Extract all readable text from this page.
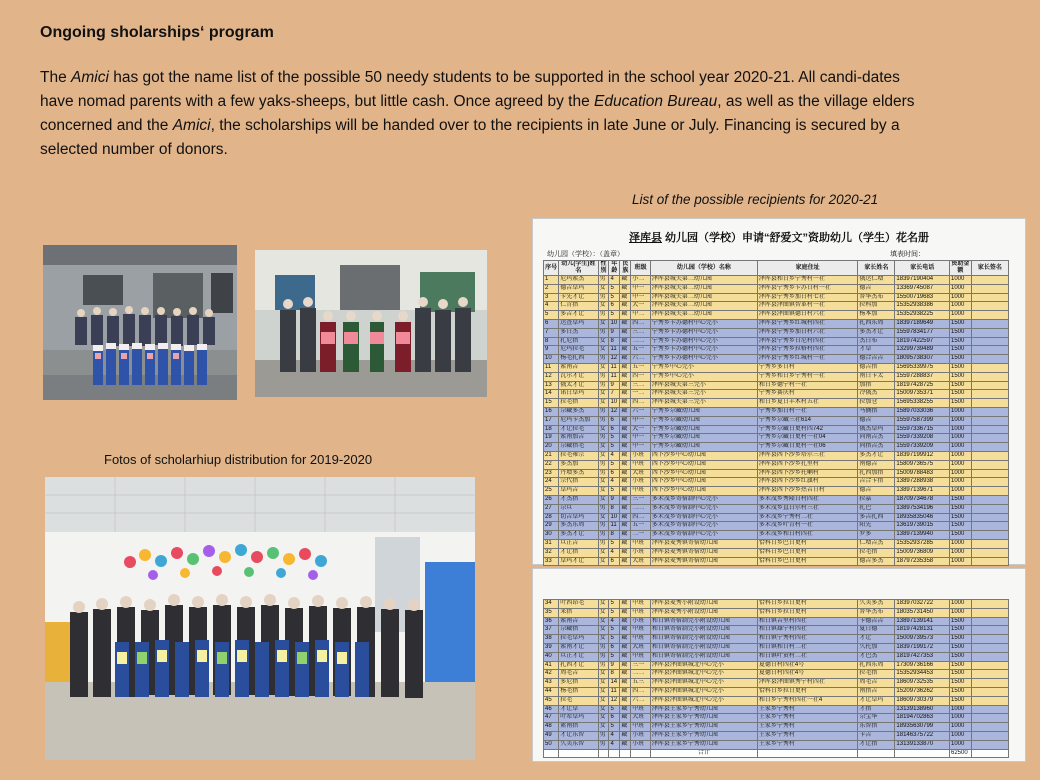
Ongoing sholarships‘ program

The Amici has got the name list of the possible 50 needy students to be supported in the school year 2020-21. All candi-dates have nomad parents with a few yaks-sheeps, but little cash. Once agreed by the Education Bureau, as well as the village elders concerned and the Amici, the scholarships will be handed over to the recipients in late June or July. Financing is secured by a selected number of donors.

List of the possible recipients for 2020-21
Fotos of scholarhiup distribution for 2019-2020
泽库县 幼儿园（学校）申请“舒爱文”资助幼儿（学生）花名册
幼儿园（学校）：（盖章）	填表时间：
序号	幼儿(学生)姓名	性别	年龄	民族	班级	幼儿园（学校）名称	家庭住址	家长姓名	家长电话	资助金额	家长签名
1	尼玛索杰	男	4	藏	小二	泽库县城关第二幼儿园	泽库县和日乡宁秀村一社	俄达仁增	18397190404	1000	
2	德吉卓玛	女	5	藏	中一	泽库县城关第二幼儿园	泽库县宁秀乡卡苏日村一社	德吉	13369745087	1000	
3	卡先才让	男	5	藏	中一	泽库县城关第二幼儿园	泽库县宁秀乡加日村七社	普华杰布	15500719683	1000	
4	仁青措	女	6	藏	大一	泽库县城关第二幼儿园	泽库县泽曲镇智革村一社	拉科加	15352938386	1000	
5	多吉才让	男	5	藏	中二	泽库县城关第二幼儿园	泽库县泽曲镇德日村六社	杨本加	15352938225	1000	
6	达查卓玛	女	10	藏	四二	宁秀乡卡苏德村中心完小	泽库县宁秀乡红城村四社	扎西东周	18397189649	1500	
7	多日杰	男	9	藏	三二	宁秀乡卡苏德村中心完小	泽库县宁秀乡加日村六社	多杰才让	15597834177	1500	
8	扎尼措	女	8	藏	二二	宁秀乡卡苏德村中心完小	泽库县宁秀乡日尼村四社	杰日布	18197422597	1500	
9	尼玛拉毛	女	11	藏	五一	宁秀乡卡苏德村中心完小	泽库县宁秀乡拉格村四社	才卓	13299739489	1500	
10	杨毛扎西	男	12	藏	六二	宁秀乡卡苏德村中心完小	泽库县宁秀乡红城村一社	德合吉吉	18095738307	1500	
11	索南吉	女	11	藏	五一	宁秀乡中心完小	宁秀乡多日村	德吉措	15695339975	1500	
12	瓦尔才让	男	11	藏	四一	宁秀乡中心完小	宁秀乡和日乡宁秀村一社	南日卡太	15597288837	1500	
13	俄太才让	男	9	藏	三二	泽库县城关第三完小	和日乡德宁村一社	加措	18197428725	1500	
14	诺日卓玛	女	7	藏	一二	泽库县城关第三完小	宁秀乡赛庆村	冷俄杰	15009735371	1500	
15	拉毛措	女	10	藏	四二	泽库县城关第三完小	和日乡夏日丰木村五社	拉加仓	15695338255	1500	
16	尕藏多杰	男	12	藏	六一	宁秀乡尕藏幼儿园	宁秀乡加日村一社	马摘措	15897033036	1000	
17	尼玛卡杰加	男	6	藏	中一	宁秀乡尕藏幼儿园	宁秀乡尕藏三社614	德吉	15597587399	1000	
18	才让拉毛	女	6	藏	大一	宁秀乡尕藏幼儿园	宁秀乡尕藏日更村四742	俄杰卓玛	15597336715	1000	
19	索南加吉	男	5	藏	中一	宁秀乡尕藏幼儿园	宁秀乡尕藏日更村一社04	尚南吉杰	15597339208	1000	
20	尕藏措毛	女	5	藏	中一	宁秀乡尕藏幼儿园	宁秀乡尕藏日更村一社06	尚措吉杰	15597339209	1000	
21	拉毛雍宗	女	4	藏	小班	西卜沙乡中心幼儿园	泽库县西卜沙乡塔尔三社	多杰才让	18397199912	1000	
22	多杰加	男	5	藏	中班	西卜沙乡中心幼儿园	泽库县西卜沙乡扎里村	南德吉	15809736575	1000	
23	丹增多杰	男	6	藏	大班	西卜沙乡中心幼儿园	泽库县西卜沙乡托喇村	扎西加措	15009788483	1000	
24	宗代措	女	4	藏	小班	西卜沙乡中心幼儿园	泽库县西卜沙乡红旗村	吉合卡措	13897288938	1000	
25	卓玛吉	女	5	藏	中班	西卜沙乡中心幼儿园	泽库县西卜沙乡热吉日村	德吉	13897139671	1000	
26	才杰措	女	9	藏	三一	多禾茂乡寄宿制中心完小	多禾茂乡秀隆日村四社	拉嘉	18709734678	1500	
27	尕旦	男	8	藏	二二	多禾茂乡寄宿制中心完小	多禾茂乡直日尔村三社	扎巴	13897534196	1500	
28	切吉卓玛	女	10	藏	四二	多禾茂乡寄宿制中心完小	多禾茂乡宁秀村二社	多吉扎西	18935835046	1500	
29	多杰东周	男	11	藏	五一	多禾茂乡寄宿制中心完小	多禾茂乡叶青村一社	阳先	13619739015	1500	
30	多杰才让	男	8	藏	二一	多禾茂乡寄宿制中心完小	多禾茂乡和日村四社	罗多	13897139940	1500	
31	旦正吉	男	5	藏	中班	泽库县麦秀镇寄宿幼儿园	恰科日乡巴日更村	仁增吉杰	15352937285	1000	
32	才让措	女	4	藏	小班	泽库县麦秀镇寄宿幼儿园	恰科日乡巴日更村	拉毛措	15009736809	1000	
33	卓玛才让	女	6	藏	大班	泽库县麦秀镇寄宿幼儿园	恰科日乡巴日更村	德吉多杰	18797235358	1000	
34	叶西昂毛	女	5	藏	中班	泽库县麦秀小附设幼儿园	恰科日乡拉日更村	久美多杰	18397032722	1000	
35	来措	女	5	藏	中班	泽库县麦秀小附设幼儿园	恰科日乡拉日更村	普华杰布	18035731450	1000	
36	索南吉	女	4	藏	小班	和日镇寄宿制完小附设幼儿园	和日镇吉里村四社	卡德吉吉	13897139141	1500	
37	尕藏措	女	5	藏	中班	和日镇寄宿制完小附设幼儿园	和日镇雄宁村四社	夏日德	18197428131	1500	
38	拉毛卓玛	女	5	藏	中班	和日镇寄宿制完小附设幼儿园	和日镇宁秀村四社	才让	15009739573	1500	
39	索南才让	男	6	藏	大班	和日镇寄宿制完小附设幼儿园	和日镇和日村二社	久托加	18397199172	1500	
40	旦正才让	男	5	藏	中班	和日镇寄宿制完小附设幼儿园	和日镇叶贡村二社	才巴杰	18197427353	1500	
41	扎西才让	男	9	藏	三一	泽库县泽曲镇城北中心完小	夏德日村四社4号	扎西东周	17309736166	1500	
42	周毛吉	女	8	藏	二二	泽库县泽曲镇城北中心完小	夏德日村四社4号	拉毛措	15352934453	1500	
43	多尼措	女	14	藏	五三	泽库县泽曲镇城北中心完小	泽库县泽曲镇秀宁村四社	周毛吉	18609732535	1500	
44	杨毛措	女	11	藏	四二	泽库县泽曲镇城北中心完小	恰科日乡拉日更村	南措吉	15209736262	1500	
45	拉毛	女	12	藏	六二	泽库县泽曲镇城北中心完小	和日乡宁秀村四社一社4	才让卓玛	18609730379	1500	
46	才让卓	女	5	藏	中班	泽库县王家乡宁秀幼儿园	王家乡宁秀村	才措	13139138960	1000	
47	叶希卓玛	女	6	藏	大班	泽库县王家乡宁秀幼儿园	王家乡宁秀村	尕宝华	18194702863	1000	
48	素南措	女	5	藏	中班	泽库县王家乡宁秀幼儿园	王家乡宁秀村	东智措	18935630799	1000	
49	才让东智	男	4	藏	小班	泽库县王家乡宁秀幼儿园	王家乡宁秀村	卡吉	18146375722	1000	
50	久美东智	男	4	藏	小班	泽库县王家乡宁秀幼儿园	王家乡宁秀村	才让措	13139133870	1000	
						合计				62500	
